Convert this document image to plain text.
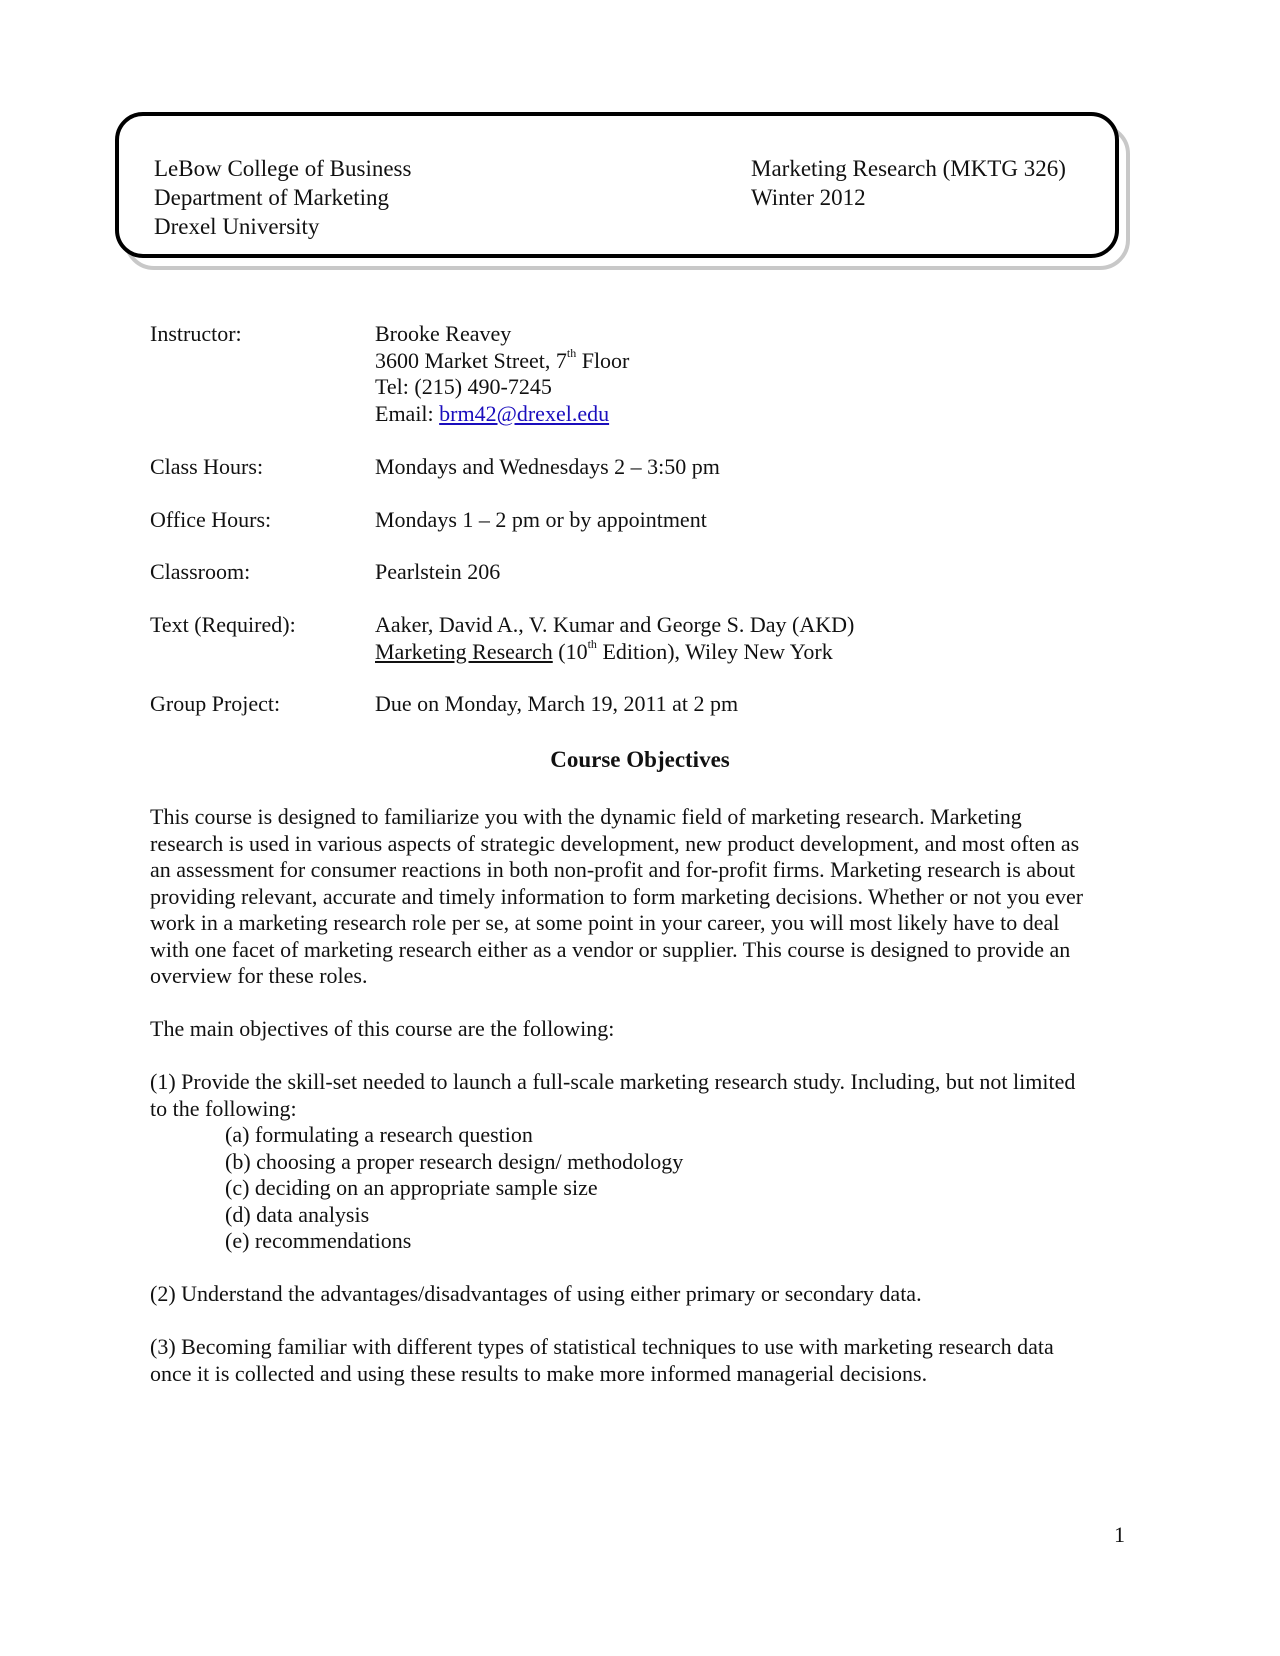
LeBow College of Business
Department of Marketing
Drexel University
Marketing Research (MKTG 326)
Winter 2012
Instructor:	Brooke Reavey
3600 Market Street, 7th Floor
Tel: (215) 490-7245
Email: brm42@drexel.edu
Class Hours:	Mondays and Wednesdays 2 – 3:50 pm
Office Hours:	Mondays 1 – 2 pm or by appointment
Classroom:	Pearlstein 206
Text (Required):	Aaker, David A., V. Kumar and George S. Day (AKD)
Marketing Research (10th Edition), Wiley New York
Group Project:	Due on Monday, March 19, 2011 at 2 pm
Course Objectives
This course is designed to familiarize you with the dynamic field of marketing research. Marketing
research is used in various aspects of strategic development, new product development, and most often as
an assessment for consumer reactions in both non-profit and for-profit firms. Marketing research is about
providing relevant, accurate and timely information to form marketing decisions. Whether or not you ever
work in a marketing research role per se, at some point in your career, you will most likely have to deal
with one facet of marketing research either as a vendor or supplier. This course is designed to provide an
overview for these roles.
The main objectives of this course are the following:
(1) Provide the skill-set needed to launch a full-scale marketing research study. Including, but not limited
to the following:
(a) formulating a research question
(b) choosing a proper research design/ methodology
(c) deciding on an appropriate sample size
(d) data analysis
(e) recommendations
(2) Understand the advantages/disadvantages of using either primary or secondary data.
(3) Becoming familiar with different types of statistical techniques to use with marketing research data
once it is collected and using these results to make more informed managerial decisions.
1
